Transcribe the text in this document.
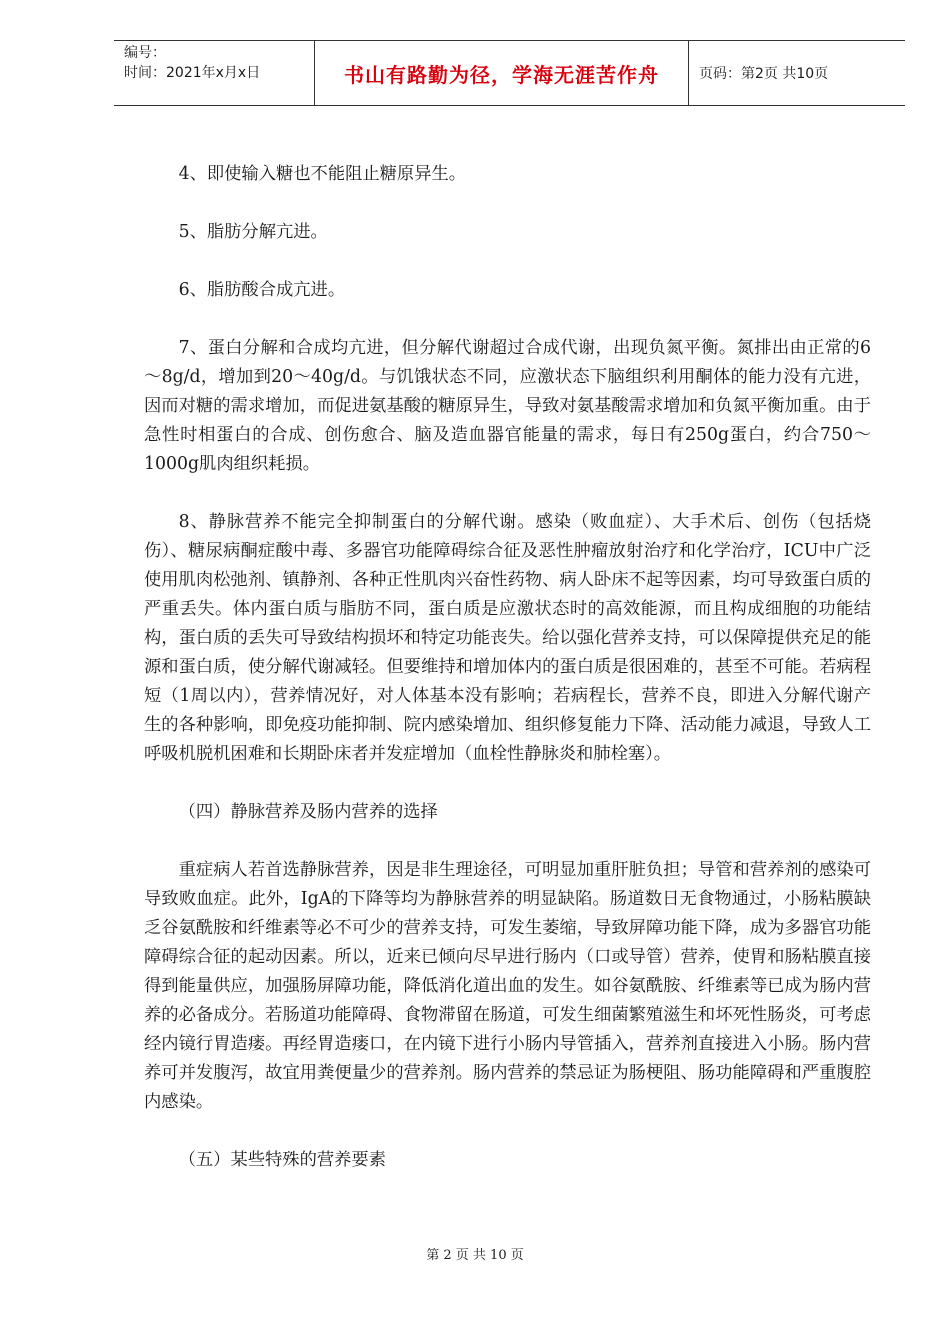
编号：
时间：2021年x月x日	书山有路勤为径，学海无涯苦作舟	页码：第2页 共10页

4、即使输入糖也不能阻止糖原异生。

5、脂肪分解亢进。

6、脂肪酸合成亢进。

7、蛋白分解和合成均亢进，但分解代谢超过合成代谢，出现负氮平衡。氮排出由正常的6～8g/d，增加到20～40g/d。与饥饿状态不同，应激状态下脑组织利用酮体的能力没有亢进，因而对糖的需求增加，而促进氨基酸的糖原异生，导致对氨基酸需求增加和负氮平衡加重。由于急性时相蛋白的合成、创伤愈合、脑及造血器官能量的需求，每日有250g蛋白，约合750～1000g肌肉组织耗损。

8、静脉营养不能完全抑制蛋白的分解代谢。感染（败血症）、大手术后、创伤（包括烧伤）、糖尿病酮症酸中毒、多器官功能障碍综合征及恶性肿瘤放射治疗和化学治疗，ICU中广泛使用肌肉松弛剂、镇静剂、各种正性肌肉兴奋性药物、病人卧床不起等因素，均可导致蛋白质的严重丢失。体内蛋白质与脂肪不同，蛋白质是应激状态时的高效能源，而且构成细胞的功能结构，蛋白质的丢失可导致结构损坏和特定功能丧失。给以强化营养支持，可以保障提供充足的能源和蛋白质，使分解代谢减轻。但要维持和增加体内的蛋白质是很困难的，甚至不可能。若病程短（1周以内），营养情况好，对人体基本没有影响；若病程长，营养不良，即进入分解代谢产生的各种影响，即免疫功能抑制、院内感染增加、组织修复能力下降、活动能力减退，导致人工呼吸机脱机困难和长期卧床者并发症增加（血栓性静脉炎和肺栓塞）。

（四）静脉营养及肠内营养的选择

重症病人若首选静脉营养，因是非生理途径，可明显加重肝脏负担；导管和营养剂的感染可导致败血症。此外，IgA的下降等均为静脉营养的明显缺陷。肠道数日无食物通过，小肠粘膜缺乏谷氨酰胺和纤维素等必不可少的营养支持，可发生萎缩，导致屏障功能下降，成为多器官功能障碍综合征的起动因素。所以，近来已倾向尽早进行肠内（口或导管）营养，使胃和肠粘膜直接得到能量供应，加强肠屏障功能，降低消化道出血的发生。如谷氨酰胺、纤维素等已成为肠内营养的必备成分。若肠道功能障碍、食物滞留在肠道，可发生细菌繁殖滋生和坏死性肠炎，可考虑经内镜行胃造瘘。再经胃造瘘口，在内镜下进行小肠内导管插入，营养剂直接进入小肠。肠内营养可并发腹泻，故宜用粪便量少的营养剂。肠内营养的禁忌证为肠梗阻、肠功能障碍和严重腹腔内感染。

（五）某些特殊的营养要素

第 2 页 共 10 页
